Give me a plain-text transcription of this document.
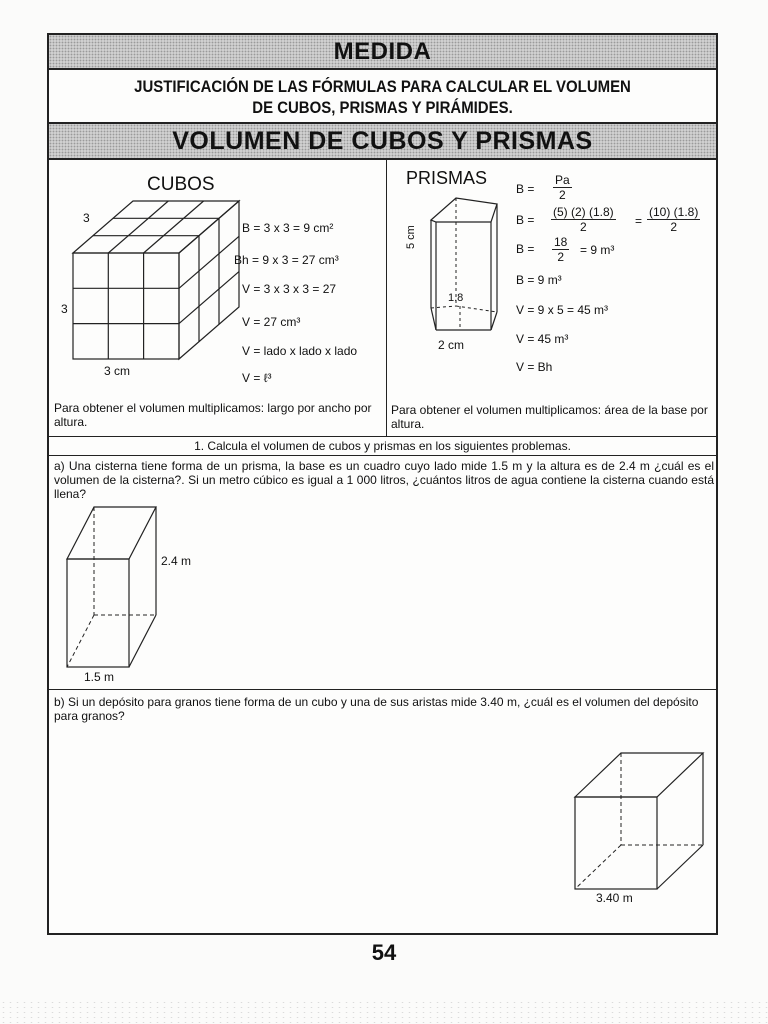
MEDIDA
JUSTIFICACIÓN DE LAS FÓRMULAS PARA CALCULAR EL VOLUMEN
DE CUBOS, PRISMAS Y PIRÁMIDES.
VOLUMEN DE CUBOS Y PRISMAS
CUBOS
3
3
3 cm
B = 3 x 3 = 9 cm²
Bh = 9 x 3 = 27 cm³
V = 3 x 3 x 3 = 27
V = 27 cm³
V = lado x lado x lado
V = ℓ³
Para obtener el volumen multiplicamos: largo por ancho por altura.
PRISMAS
5 cm
1.8
2 cm
$B = \frac{Pa}{2}$
$B = \frac{(5) (2) (1.8)}{2} = \frac{(10) (1.8)}{2}$
$B = \frac{18}{2} = 9$ m³
B = 9 m³
V = 9 x 5 = 45 m³
V = 45 m³
V = Bh
Para obtener el volumen multiplicamos: área de la base por altura.
1. Calcula el volumen de cubos y prismas en los siguientes problemas.
a) Una cisterna tiene forma de un prisma, la base es un cuadro cuyo lado mide 1.5 m y la altura es de 2.4 m ¿cuál es el volumen de la cisterna?. Si un metro cúbico es igual a 1 000 litros, ¿cuántos litros de agua contiene la cisterna cuando está llena?
2.4 m
1.5 m
b) Si un depósito para granos tiene forma de un cubo y una de sus aristas mide 3.40 m, ¿cuál es el volumen del depósito para granos?
3.40 m
54
